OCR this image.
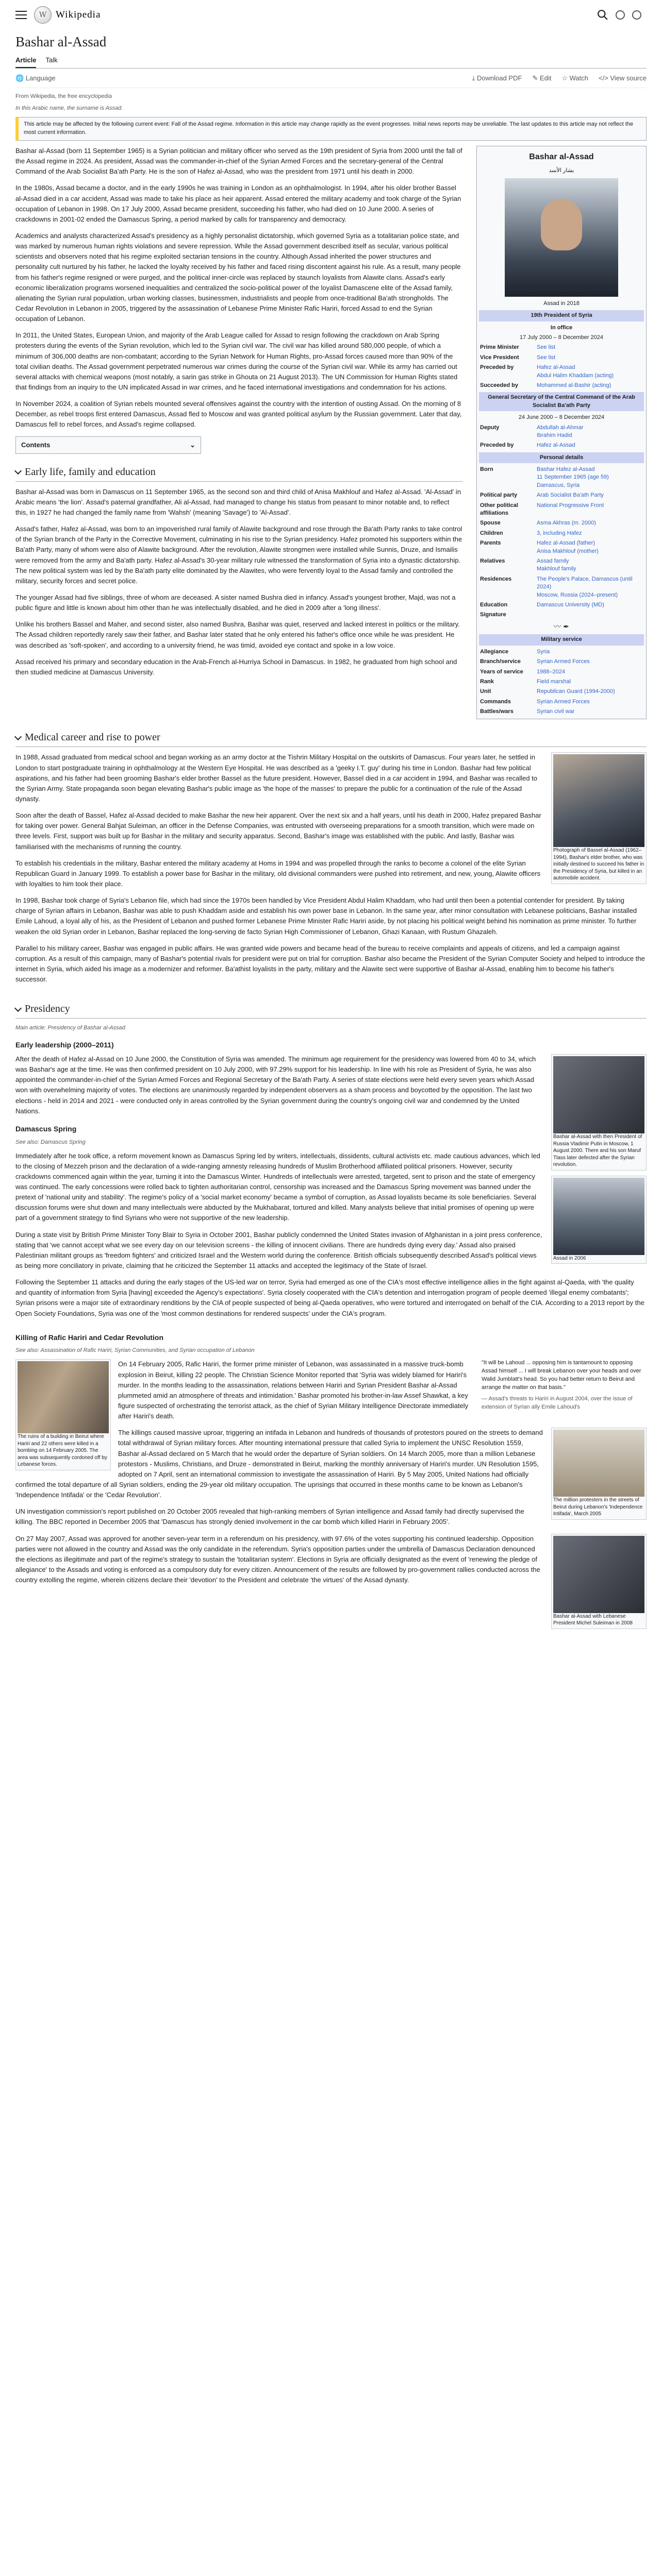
W Wikipedia
Bashar al-Assad
Article Talk
🌐 Language	⤓ Download PDF ✎ Edit ☆ Watch </> View source
From Wikipedia, the free encyclopedia
In this Arabic name, the surname is Assad.
This article may be affected by the following current event: Fall of the Assad regime. Information in this article may change rapidly as the event progresses. Initial news reports may be unreliable. The last updates to this article may not reflect the most current information.

Bashar al-Assad (born 11 September 1965) is a Syrian politician and military officer who served as the 19th president of Syria from 2000 until the fall of the Assad regime in 2024. As president, Assad was the commander-in-chief of the Syrian Armed Forces and the secretary-general of the Central Command of the Arab Socialist Ba'ath Party. He is the son of Hafez al-Assad, who was the president from 1971 until his death in 2000.

In the 1980s, Assad became a doctor, and in the early 1990s he was training in London as an ophthalmologist. In 1994, after his older brother Bassel al-Assad died in a car accident, Assad was made to take his place as heir apparent. Assad entered the military academy and took charge of the Syrian occupation of Lebanon in 1998. On 17 July 2000, Assad became president, succeeding his father, who had died on 10 June 2000. A series of crackdowns in 2001-02 ended the Damascus Spring, a period marked by calls for transparency and democracy.

Academics and analysts characterized Assad's presidency as a highly personalist dictatorship, which governed Syria as a totalitarian police state, and was marked by numerous human rights violations and severe repression. While the Assad government described itself as secular, various political scientists and observers noted that his regime exploited sectarian tensions in the country. Although Assad inherited the power structures and personality cult nurtured by his father, he lacked the loyalty received by his father and faced rising discontent against his rule. As a result, many people from his father's regime resigned or were purged, and the political inner-circle was replaced by staunch loyalists from Alawite clans. Assad's early economic liberalization programs worsened inequalities and centralized the socio-political power of the loyalist Damascene elite of the Assad family, alienating the Syrian rural population, urban working classes, businessmen, industrialists and people from once-traditional Ba'ath strongholds. The Cedar Revolution in Lebanon in 2005, triggered by the assassination of Lebanese Prime Minister Rafic Hariri, forced Assad to end the Syrian occupation of Lebanon.

In 2011, the United States, European Union, and majority of the Arab League called for Assad to resign following the crackdown on Arab Spring protesters during the events of the Syrian revolution, which led to the Syrian civil war. The civil war has killed around 580,000 people, of which a minimum of 306,000 deaths are non-combatant; according to the Syrian Network for Human Rights, pro-Assad forces caused more than 90% of the total civilian deaths. The Assad government perpetrated numerous war crimes during the course of the Syrian civil war. While its army has carried out several attacks with chemical weapons (most notably, a sarin gas strike in Ghouta on 21 August 2013). The UN Commission for Human Rights stated that findings from an inquiry to the UN implicated Assad in war crimes, and he faced international investigations and condemnation for his actions.

In November 2024, a coalition of Syrian rebels mounted several offensives against the country with the intention of ousting Assad. On the morning of 8 December, as rebel troops first entered Damascus, Assad fled to Moscow and was granted political asylum by the Russian government. Later that day, Damascus fell to rebel forces, and Assad's regime collapsed.

Contents	⌄
Early life, family and education

Bashar al-Assad was born in Damascus on 11 September 1965, as the second son and third child of Anisa Makhlouf and Hafez al-Assad. 'Al-Assad' in Arabic means 'the lion'. Assad's paternal grandfather, Ali al-Assad, had managed to change his status from peasant to minor notable and, to reflect this, in 1927 he had changed the family name from 'Wahsh' (meaning 'Savage') to 'Al-Assad'.

Assad's father, Hafez al-Assad, was born to an impoverished rural family of Alawite background and rose through the Ba'ath Party ranks to take control of the Syrian branch of the Party in the Corrective Movement, culminating in his rise to the Syrian presidency. Hafez promoted his supporters within the Ba'ath Party, many of whom were also of Alawite background. After the revolution, Alawite strongmen were installed while Sunnis, Druze, and Ismailis were removed from the army and Ba'ath party. Hafez al-Assad's 30-year military rule witnessed the transformation of Syria into a dynastic dictatorship. The new political system was led by the Ba'ath party elite dominated by the Alawites, who were fervently loyal to the Assad family and controlled the military, security forces and secret police.

The younger Assad had five siblings, three of whom are deceased. A sister named Bushra died in infancy. Assad's youngest brother, Majd, was not a public figure and little is known about him other than he was intellectually disabled, and he died in 2009 after a 'long illness'.

Unlike his brothers Bassel and Maher, and second sister, also named Bushra, Bashar was quiet, reserved and lacked interest in politics or the military. The Assad children reportedly rarely saw their father, and Bashar later stated that he only entered his father's office once while he was president. He was described as 'soft-spoken', and according to a university friend, he was timid, avoided eye contact and spoke in a low voice.

Assad received his primary and secondary education in the Arab-French al-Hurriya School in Damascus. In 1982, he graduated from high school and then studied medicine at Damascus University.

Bashar al-Assad
بشار الأسد
Assad in 2018
19th President of Syria
In office
17 July 2000 – 8 December 2024
Prime Minister	See list
Vice President	See list
Preceded by	Hafez al-Assad
Abdul Halim Khaddam (acting)
Succeeded by	Mohammed al-Bashir (acting)
General Secretary of the Central Command of the Arab Socialist Ba'ath Party
24 June 2000 – 8 December 2024
Deputy	Abdullah al-Ahmar
Ibrahim Hadid
Preceded by	Hafez al-Assad
Personal details
Born	Bashar Hafez al-Assad
11 September 1965 (age 59)
Damascus, Syria
Political party	Arab Socialist Ba'ath Party
Other political affiliations
National Progressive Front
Spouse	Asma Akhras (m. 2000)
Children	3, including Hafez
Parents	Hafez al-Assad (father)
Anisa Makhlouf (mother)
Relatives	Assad family
Makhlouf family
Residences	The People's Palace, Damascus (until 2024)
Moscow, Russia (2024–present)
Education	Damascus University (MD)
Signature
〰︎ ✒
Military service
Allegiance	Syria
Branch/service	Syrian Armed Forces
Years of service	1988–2024
Rank	Field marshal
Unit	Republican Guard (1994-2000)
Commands	Syrian Armed Forces
Battles/wars	Syrian civil war
Medical career and rise to power
Photograph of Bassel al-Assad (1962–1994), Bashar's elder brother, who was initially destined to succeed his father in the Presidency of Syria, but killed in an automobile accident.

In 1988, Assad graduated from medical school and began working as an army doctor at the Tishrin Military Hospital on the outskirts of Damascus. Four years later, he settled in London to start postgraduate training in ophthalmology at the Western Eye Hospital. He was described as a 'geeky I.T. guy' during his time in London. Bashar had few political aspirations, and his father had been grooming Bashar's elder brother Bassel as the future president. However, Bassel died in a car accident in 1994, and Bashar was recalled to the Syrian Army. State propaganda soon began elevating Bashar's public image as 'the hope of the masses' to prepare the public for a continuation of the rule of the Assad dynasty.

Soon after the death of Bassel, Hafez al-Assad decided to make Bashar the new heir apparent. Over the next six and a half years, until his death in 2000, Hafez prepared Bashar for taking over power. General Bahjat Suleiman, an officer in the Defense Companies, was entrusted with overseeing preparations for a smooth transition, which were made on three levels. First, support was built up for Bashar in the military and security apparatus. Second, Bashar's image was established with the public. And lastly, Bashar was familiarised with the mechanisms of running the country.

To establish his credentials in the military, Bashar entered the military academy at Homs in 1994 and was propelled through the ranks to become a colonel of the elite Syrian Republican Guard in January 1999. To establish a power base for Bashar in the military, old divisional commanders were pushed into retirement, and new, young, Alawite officers with loyalties to him took their place.

In 1998, Bashar took charge of Syria's Lebanon file, which had since the 1970s been handled by Vice President Abdul Halim Khaddam, who had until then been a potential contender for president. By taking charge of Syrian affairs in Lebanon, Bashar was able to push Khaddam aside and establish his own power base in Lebanon. In the same year, after minor consultation with Lebanese politicians, Bashar installed Emile Lahoud, a loyal ally of his, as the President of Lebanon and pushed former Lebanese Prime Minister Rafic Hariri aside, by not placing his political weight behind his nomination as prime minister. To further weaken the old Syrian order in Lebanon, Bashar replaced the long-serving de facto Syrian High Commissioner of Lebanon, Ghazi Kanaan, with Rustum Ghazaleh.

Parallel to his military career, Bashar was engaged in public affairs. He was granted wide powers and became head of the bureau to receive complaints and appeals of citizens, and led a campaign against corruption. As a result of this campaign, many of Bashar's potential rivals for president were put on trial for corruption. Bashar also became the President of the Syrian Computer Society and helped to introduce the internet in Syria, which aided his image as a modernizer and reformer. Ba'athist loyalists in the party, military and the Alawite sect were supportive of Bashar al-Assad, enabling him to become his father's successor.

Presidency
Main article: Presidency of Bashar al-Assad
Early leadership (2000–2011)
Bashar al-Assad with then President of Russia Vladimir Putin in Moscow, 1 August 2000. There and his son Maruf Tlass later defected after the Syrian revolution.

After the death of Hafez al-Assad on 10 June 2000, the Constitution of Syria was amended. The minimum age requirement for the presidency was lowered from 40 to 34, which was Bashar's age at the time. He was then confirmed president on 10 July 2000, with 97.29% support for his leadership. In line with his role as President of Syria, he was also appointed the commander-in-chief of the Syrian Armed Forces and Regional Secretary of the Ba'ath Party. A series of state elections were held every seven years which Assad won with overwhelming majority of votes. The elections are unanimously regarded by independent observers as a sham process and boycotted by the opposition. The last two elections - held in 2014 and 2021 - were conducted only in areas controlled by the Syrian government during the country's ongoing civil war and condemned by the United Nations.

Damascus Spring
See also: Damascus Spring
Assad in 2006

Immediately after he took office, a reform movement known as Damascus Spring led by writers, intellectuals, dissidents, cultural activists etc. made cautious advances, which led to the closing of Mezzeh prison and the declaration of a wide-ranging amnesty releasing hundreds of Muslim Brotherhood affiliated political prisoners. However, security crackdowns commenced again within the year, turning it into the Damascus Winter. Hundreds of intellectuals were arrested, targeted, sent to prison and the state of emergency was continued. The early concessions were rolled back to tighten authoritarian control, censorship was increased and the Damascus Spring movement was banned under the pretext of 'national unity and stability'. The regime's policy of a 'social market economy' became a symbol of corruption, as Assad loyalists became its sole beneficiaries. Several discussion forums were shut down and many intellectuals were abducted by the Mukhabarat, tortured and killed. Many analysts believe that initial promises of opening up were part of a government strategy to find Syrians who were not supportive of the new leadership.

During a state visit by British Prime Minister Tony Blair to Syria in October 2001, Bashar publicly condemned the United States invasion of Afghanistan in a joint press conference, stating that 'we cannot accept what we see every day on our television screens - the killing of innocent civilians. There are hundreds dying every day.' Assad also praised Palestinian militant groups as 'freedom fighters' and criticized Israel and the Western world during the conference. British officials subsequently described Assad's political views as being more conciliatory in private, claiming that he criticized the September 11 attacks and accepted the legitimacy of the State of Israel.

Following the September 11 attacks and during the early stages of the US-led war on terror, Syria had emerged as one of the CIA's most effective intelligence allies in the fight against al-Qaeda, with 'the quality and quantity of information from Syria [having] exceeded the Agency's expectations'. Syria closely cooperated with the CIA's detention and interrogation program of people deemed 'illegal enemy combatants'; Syrian prisons were a major site of extraordinary renditions by the CIA of people suspected of being al-Qaeda operatives, who were tortured and interrogated on behalf of the CIA. According to a 2013 report by the Open Society Foundations, Syria was one of the 'most common destinations for rendered suspects' under the CIA's program.

Killing of Rafic Hariri and Cedar Revolution
See also: Assassination of Rafic Hariri, Syrian Communities, and Syrian occupation of Lebanon
The ruins of a building in Beirut where Hariri and 22 others were killed in a bombing on 14 February 2005. The area was subsequently cordoned off by Lebanese forces.
"It will be Lahoud ... opposing him is tantamount to opposing Assad himself ... I will break Lebanon over your heads and over Walid Jumblatt's head. So you had better return to Beirut and arrange the matter on that basis."
— Assad's threats to Hariri in August 2004, over the issue of extension of Syrian ally Emile Lahoud's

On 14 February 2005, Rafic Hariri, the former prime minister of Lebanon, was assassinated in a massive truck-bomb explosion in Beirut, killing 22 people. The Christian Science Monitor reported that 'Syria was widely blamed for Hariri's murder. In the months leading to the assassination, relations between Hariri and Syrian President Bashar al-Assad plummeted amid an atmosphere of threats and intimidation.' Bashar promoted his brother-in-law Assef Shawkat, a key figure suspected of orchestrating the terrorist attack, as the chief of Syrian Military Intelligence Directorate immediately after Hariri's death.

The million protesters in the streets of Beirut during Lebanon's 'Independence Intifada', March 2005

The killings caused massive uproar, triggering an intifada in Lebanon and hundreds of thousands of protestors poured on the streets to demand total withdrawal of Syrian military forces. After mounting international pressure that called Syria to implement the UNSC Resolution 1559, Bashar al-Assad declared on 5 March that he would order the departure of Syrian soldiers. On 14 March 2005, more than a million Lebanese protestors - Muslims, Christians, and Druze - demonstrated in Beirut, marking the monthly anniversary of Hariri's murder. UN Resolution 1595, adopted on 7 April, sent an international commission to investigate the assassination of Hariri. By 5 May 2005, United Nations had officially confirmed the total departure of all Syrian soldiers, ending the 29-year old military occupation. The uprisings that occurred in these months came to be known as Lebanon's 'Independence Intifada' or the 'Cedar Revolution'.

UN investigation commission's report published on 20 October 2005 revealed that high-ranking members of Syrian intelligence and Assad family had directly supervised the killing. The BBC reported in December 2005 that 'Damascus has strongly denied involvement in the car bomb which killed Hariri in February 2005'.

Bashar al-Assad with Lebanese President Michel Suleiman in 2008

On 27 May 2007, Assad was approved for another seven-year term in a referendum on his presidency, with 97.6% of the votes supporting his continued leadership. Opposition parties were not allowed in the country and Assad was the only candidate in the referendum. Syria's opposition parties under the umbrella of Damascus Declaration denounced the elections as illegitimate and part of the regime's strategy to sustain the 'totalitarian system'. Elections in Syria are officially designated as the event of 'renewing the pledge of allegiance' to the Assads and voting is enforced as a compulsory duty for every citizen. Announcement of the results are followed by pro-government rallies conducted across the country extolling the regime, wherein citizens declare their 'devotion' to the President and celebrate 'the virtues' of the Assad dynasty.
